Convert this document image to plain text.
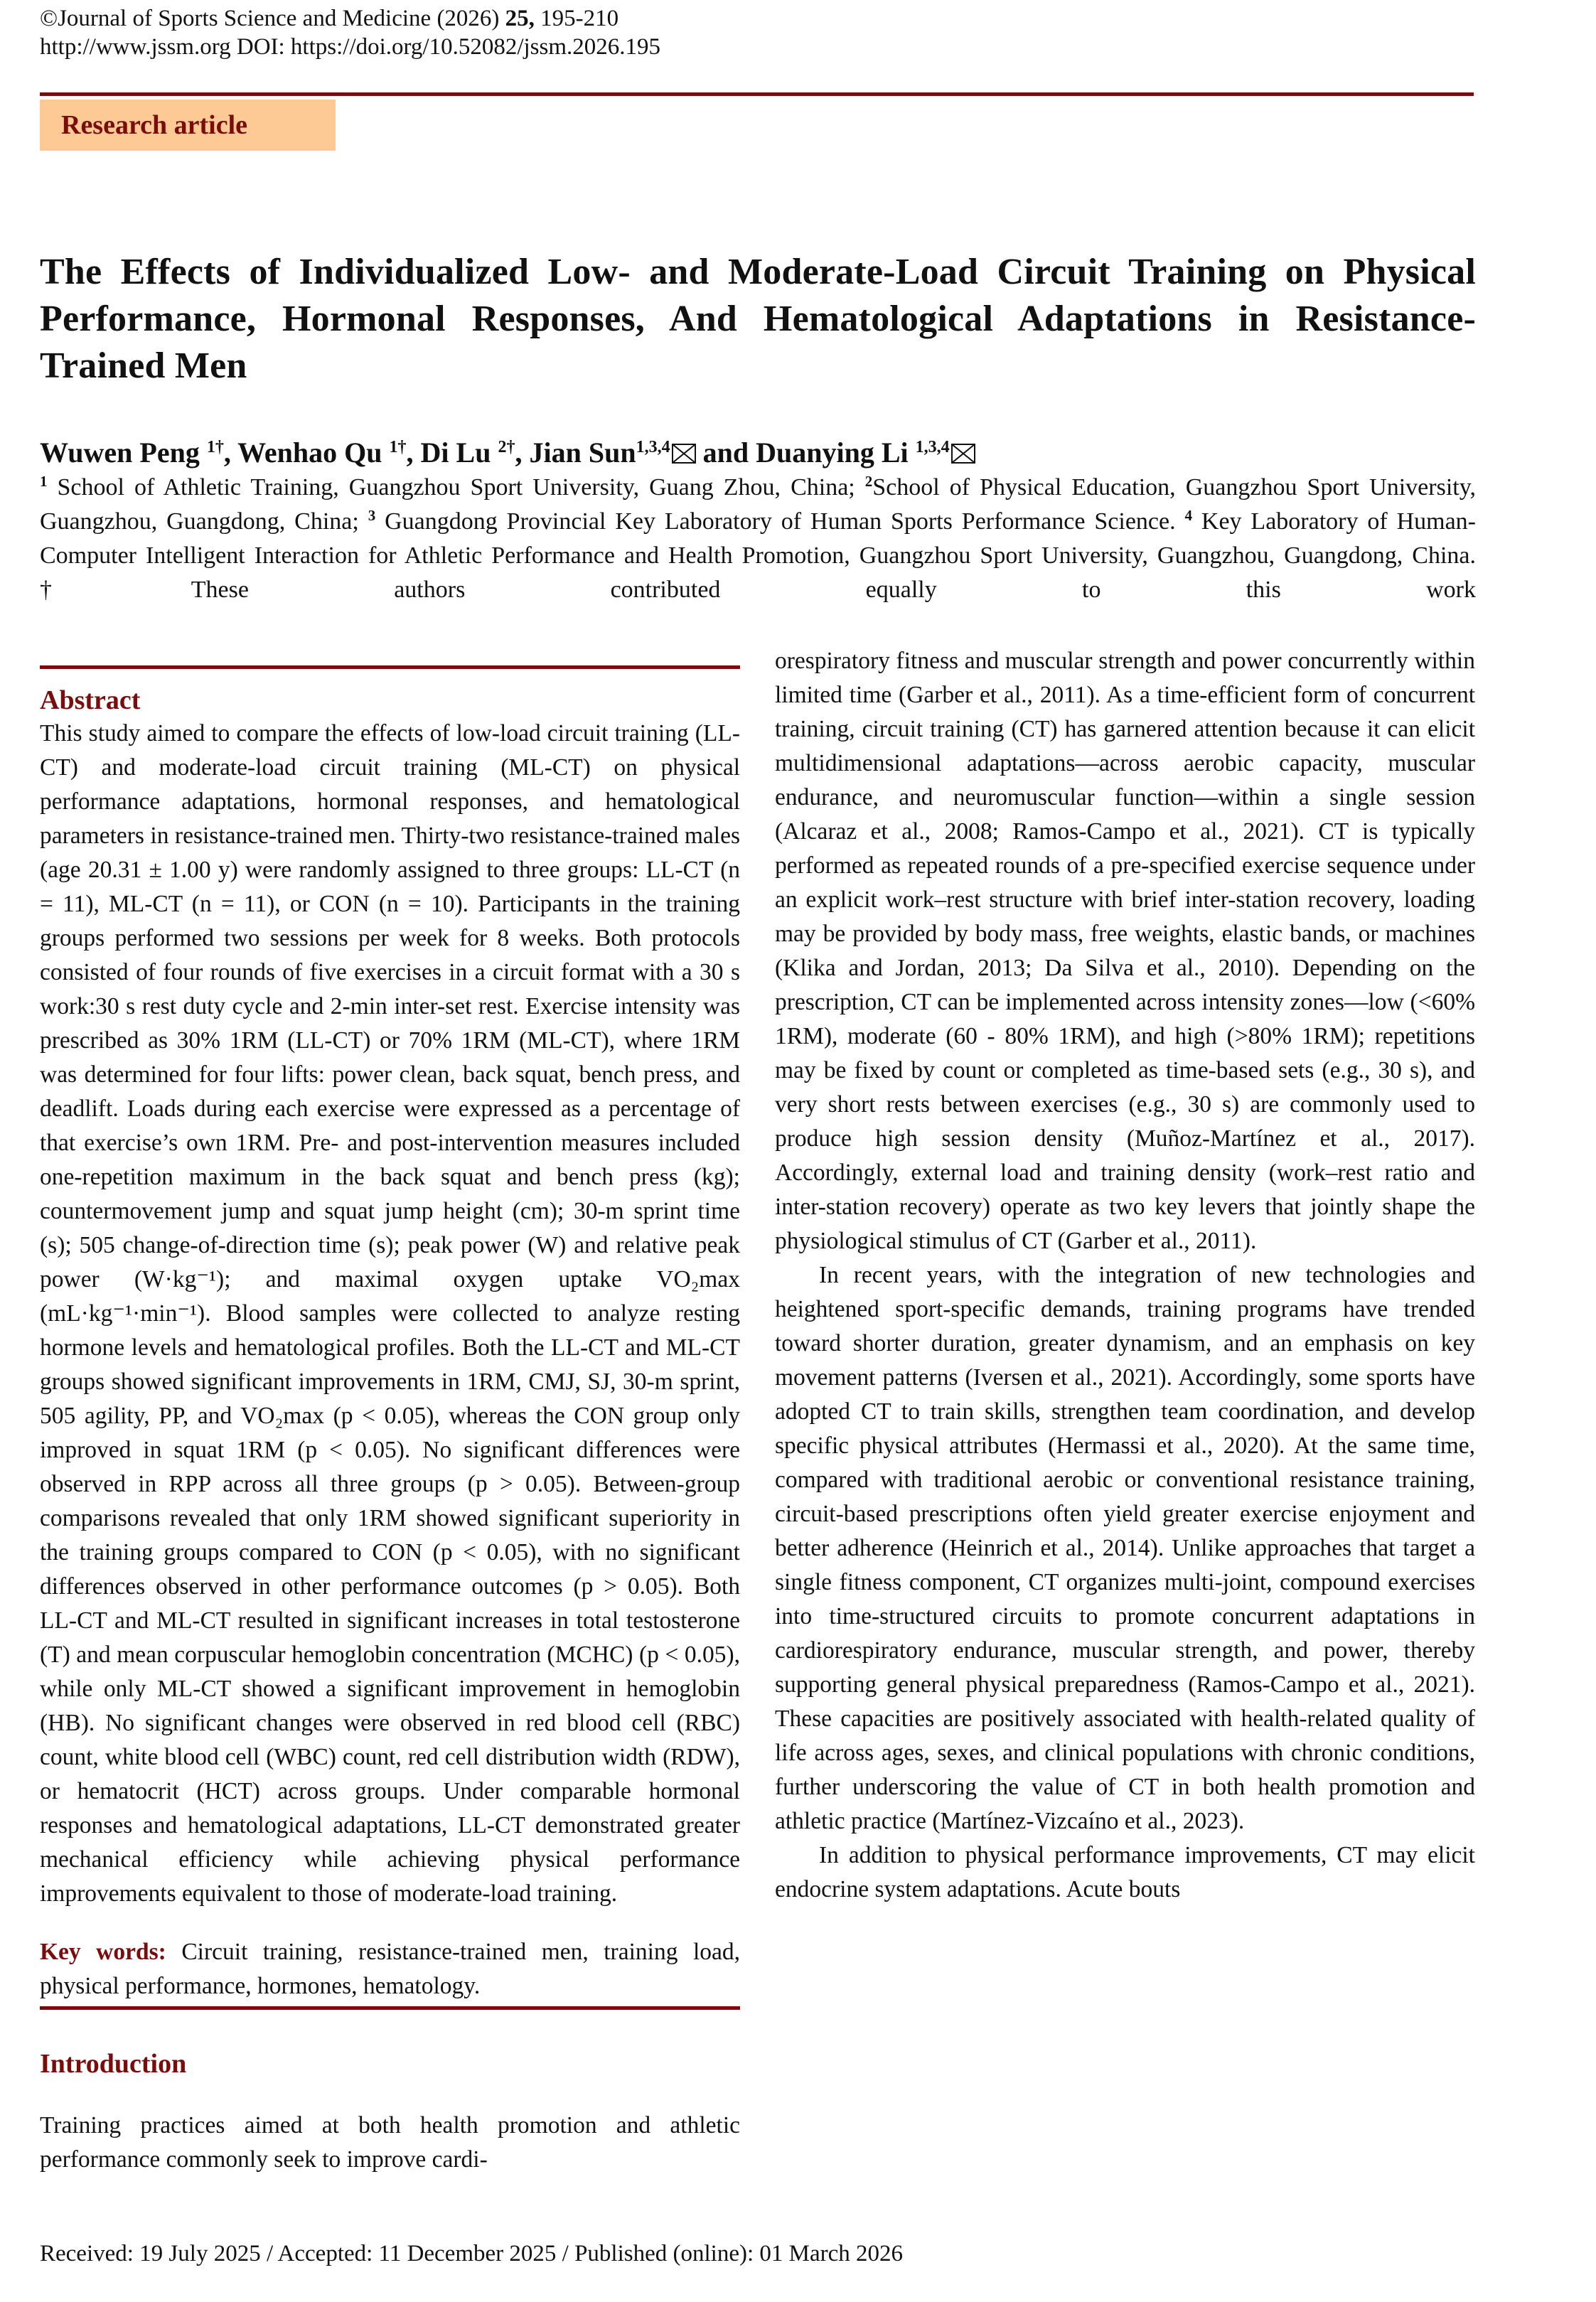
©Journal of Sports Science and Medicine (2026) 25, 195-210
http://www.jssm.org DOI: https://doi.org/10.52082/jssm.2026.195
Research article
The Effects of Individualized Low- and Moderate-Load Circuit Training on Physical Performance, Hormonal Responses, And Hematological Adaptations in Resistance-Trained Men
Wuwen Peng $^{1\dagger}$, Wenhao Qu $^{1\dagger}$, Di Lu $^{2\dagger}$, Jian Sun$^{1,3,4}$ and Duanying Li $^{1,3,4}$
$^1$ School of Athletic Training, Guangzhou Sport University, Guang Zhou, China; $^2$School of Physical Education, Guangzhou Sport University, Guangzhou, Guangdong, China; $^3$ Guangdong Provincial Key Laboratory of Human Sports Performance Science. $^4$ Key Laboratory of Human-Computer Intelligent Interaction for Athletic Performance and Health Promotion, Guangzhou Sport University, Guangzhou, Guangdong, China. †These authors contributed equally to this work
Abstract

This study aimed to compare the effects of low-load circuit training (LL-CT) and moderate-load circuit training (ML-CT) on physical performance adaptations, hormonal responses, and hematological parameters in resistance-trained men. Thirty-two resistance-trained males (age 20.31 ± 1.00 y) were randomly assigned to three groups: LL-CT (n = 11), ML-CT (n = 11), or CON (n = 10). Participants in the training groups performed two sessions per week for 8 weeks. Both protocols consisted of four rounds of five exercises in a circuit format with a 30 s work:30 s rest duty cycle and 2-min inter-set rest. Exercise intensity was prescribed as 30% 1RM (LL-CT) or 70% 1RM (ML-CT), where 1RM was determined for four lifts: power clean, back squat, bench press, and deadlift. Loads during each exercise were expressed as a percentage of that exercise’s own 1RM. Pre- and post-intervention measures included one-repetition maximum in the back squat and bench press (kg); countermovement jump and squat jump height (cm); 30-m sprint time (s); 505 change-of-direction time (s); peak power (W) and relative peak power (W·kg⁻¹); and maximal oxygen uptake VO₂max (mL·kg⁻¹·min⁻¹). Blood samples were collected to analyze resting hormone levels and hematological profiles. Both the LL-CT and ML-CT groups showed significant improvements in 1RM, CMJ, SJ, 30-m sprint, 505 agility, PP, and VO₂max (p < 0.05), whereas the CON group only improved in squat 1RM (p < 0.05). No significant differences were observed in RPP across all three groups (p > 0.05). Between-group comparisons revealed that only 1RM showed significant superiority in the training groups compared to CON (p < 0.05), with no significant differences observed in other performance outcomes (p > 0.05). Both LL-CT and ML-CT resulted in significant increases in total testosterone (T) and mean corpuscular hemoglobin concentration (MCHC) (p < 0.05), while only ML-CT showed a significant improvement in hemoglobin (HB). No significant changes were observed in red blood cell (RBC) count, white blood cell (WBC) count, red cell distribution width (RDW), or hematocrit (HCT) across groups. Under comparable hormonal responses and hematological adaptations, LL-CT demonstrated greater mechanical efficiency while achieving physical performance improvements equivalent to those of moderate-load training.

Key words: Circuit training, resistance-trained men, training load, physical performance, hormones, hematology.

Introduction

Training practices aimed at both health promotion and athletic performance commonly seek to improve cardi-

orespiratory fitness and muscular strength and power concurrently within limited time (Garber et al., 2011). As a time-efficient form of concurrent training, circuit training (CT) has garnered attention because it can elicit multidimensional adaptations—across aerobic capacity, muscular endurance, and neuromuscular function—within a single session (Alcaraz et al., 2008; Ramos-Campo et al., 2021). CT is typically performed as repeated rounds of a pre-specified exercise sequence under an explicit work–rest structure with brief inter-station recovery, loading may be provided by body mass, free weights, elastic bands, or machines (Klika and Jordan, 2013; Da Silva et al., 2010). Depending on the prescription, CT can be implemented across intensity zones—low (<60% 1RM), moderate (60 - 80% 1RM), and high (>80% 1RM); repetitions may be fixed by count or completed as time-based sets (e.g., 30 s), and very short rests between exercises (e.g., 30 s) are commonly used to produce high session density (Muñoz-Martínez et al., 2017). Accordingly, external load and training density (work–rest ratio and inter-station recovery) operate as two key levers that jointly shape the physiological stimulus of CT (Garber et al., 2011).

In recent years, with the integration of new technologies and heightened sport-specific demands, training programs have trended toward shorter duration, greater dynamism, and an emphasis on key movement patterns (Iversen et al., 2021). Accordingly, some sports have adopted CT to train skills, strengthen team coordination, and develop specific physical attributes (Hermassi et al., 2020). At the same time, compared with traditional aerobic or conventional resistance training, circuit-based prescriptions often yield greater exercise enjoyment and better adherence (Heinrich et al., 2014). Unlike approaches that target a single fitness component, CT organizes multi-joint, compound exercises into time-structured circuits to promote concurrent adaptations in cardiorespiratory endurance, muscular strength, and power, thereby supporting general physical preparedness (Ramos-Campo et al., 2021). These capacities are positively associated with health-related quality of life across ages, sexes, and clinical populations with chronic conditions, further underscoring the value of CT in both health promotion and athletic practice (Martínez-Vizcaíno et al., 2023).

In addition to physical performance improvements, CT may elicit endocrine system adaptations. Acute bouts

Received: 19 July 2025 / Accepted: 11 December 2025 / Published (online): 01 March 2026
